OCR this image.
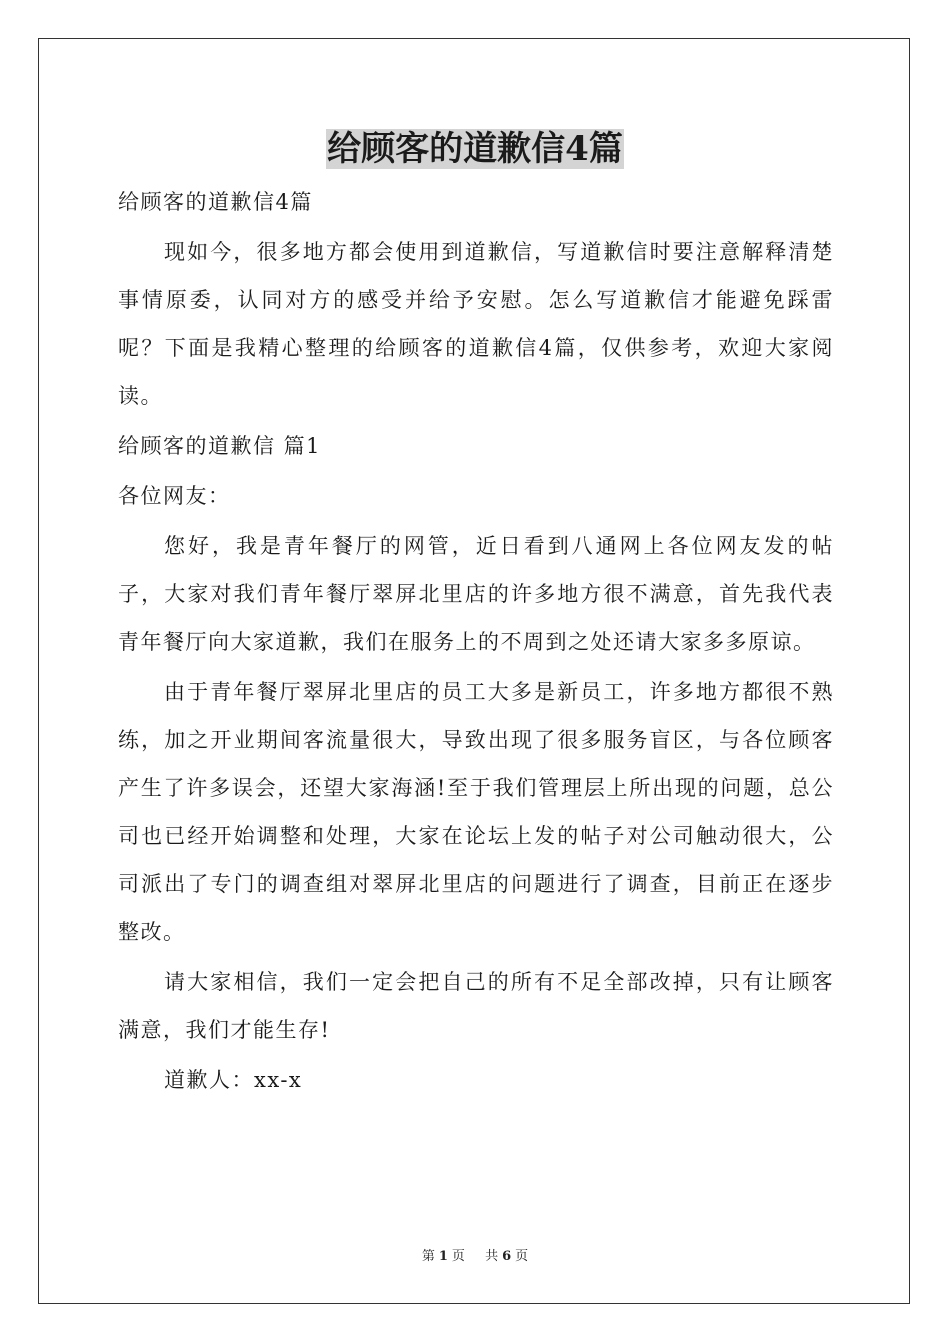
给顾客的道歉信4篇

给顾客的道歉信4篇

现如今，很多地方都会使用到道歉信，写道歉信时要注意解释清楚事情原委，认同对方的感受并给予安慰。怎么写道歉信才能避免踩雷呢？下面是我精心整理的给顾客的道歉信4篇，仅供参考，欢迎大家阅读。

给顾客的道歉信 篇1

各位网友：

您好，我是青年餐厅的网管，近日看到八通网上各位网友发的帖子，大家对我们青年餐厅翠屏北里店的许多地方很不满意，首先我代表青年餐厅向大家道歉，我们在服务上的不周到之处还请大家多多原谅。

由于青年餐厅翠屏北里店的员工大多是新员工，许多地方都很不熟练，加之开业期间客流量很大，导致出现了很多服务盲区，与各位顾客产生了许多误会，还望大家海涵!至于我们管理层上所出现的问题，总公司也已经开始调整和处理，大家在论坛上发的帖子对公司触动很大，公司派出了专门的调查组对翠屏北里店的问题进行了调查，目前正在逐步整改。

请大家相信，我们一定会把自己的所有不足全部改掉，只有让顾客满意，我们才能生存!

道歉人：xx-x

第 1 页 共 6 页
